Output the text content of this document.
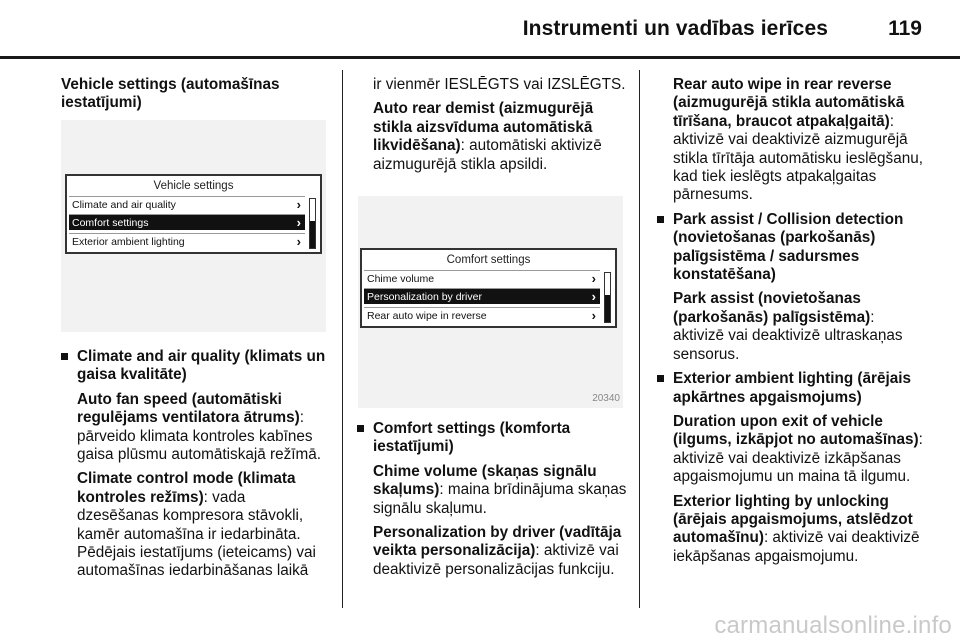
Instrumenti un vadības ierīces	119

Vehicle settings (automašīnas iestatījumi)

Vehicle settings
Climate and air quality	›
Comfort settings	›
Exterior ambient lighting	›

Climate and air quality (klimats un gaisa kvalitāte)

Auto fan speed (automātiski regulējams ventilatora ātrums): pārveido klimata kontroles kabīnes gaisa plūsmu automātiskajā režīmā.

Climate control mode (klimata kontroles režīms): vada dzesēšanas kompresora stāvokli, kamēr automašīna ir iedarbināta. Pēdējais iestatījums (ieteicams) vai automašīnas iedarbināšanas laikā

ir vienmēr IESLĒGTS vai IZSLĒGTS.

Auto rear demist (aizmugurējā stikla aizsvīduma automātiskā likvidēšana): automātiski aktivizē aizmugurējā stikla apsildi.

Comfort settings
Chime volume	›
Personalization by driver	›
Rear auto wipe in reverse	›
20340

Comfort settings (komforta iestatījumi)

Chime volume (skaņas signālu skaļums): maina brīdinājuma skaņas signālu skaļumu.

Personalization by driver (vadītāja veikta personalizācija): aktivizē vai deaktivizē personalizācijas funkciju.

Rear auto wipe in rear reverse (aizmugurējā stikla automātiskā tīrīšana, braucot atpakaļgaitā): aktivizē vai deaktivizē aizmugurējā stikla tīrītāja automātisku ieslēgšanu, kad tiek ieslēgts atpakaļgaitas pārnesums.

Park assist / Collision detection (novietošanas (parkošanās) palīgsistēma / sadursmes konstatēšana)

Park assist (novietošanas (parkošanās) palīgsistēma): aktivizē vai deaktivizē ultraskaņas sensorus.

Exterior ambient lighting (ārējais apkārtnes apgaismojums)

Duration upon exit of vehicle (ilgums, izkāpjot no automašīnas): aktivizē vai deaktivizē izkāpšanas apgaismojumu un maina tā ilgumu.

Exterior lighting by unlocking (ārējais apgaismojums, atslēdzot automašīnu): aktivizē vai deaktivizē iekāpšanas apgaismojumu.

carmanualsonline.info
